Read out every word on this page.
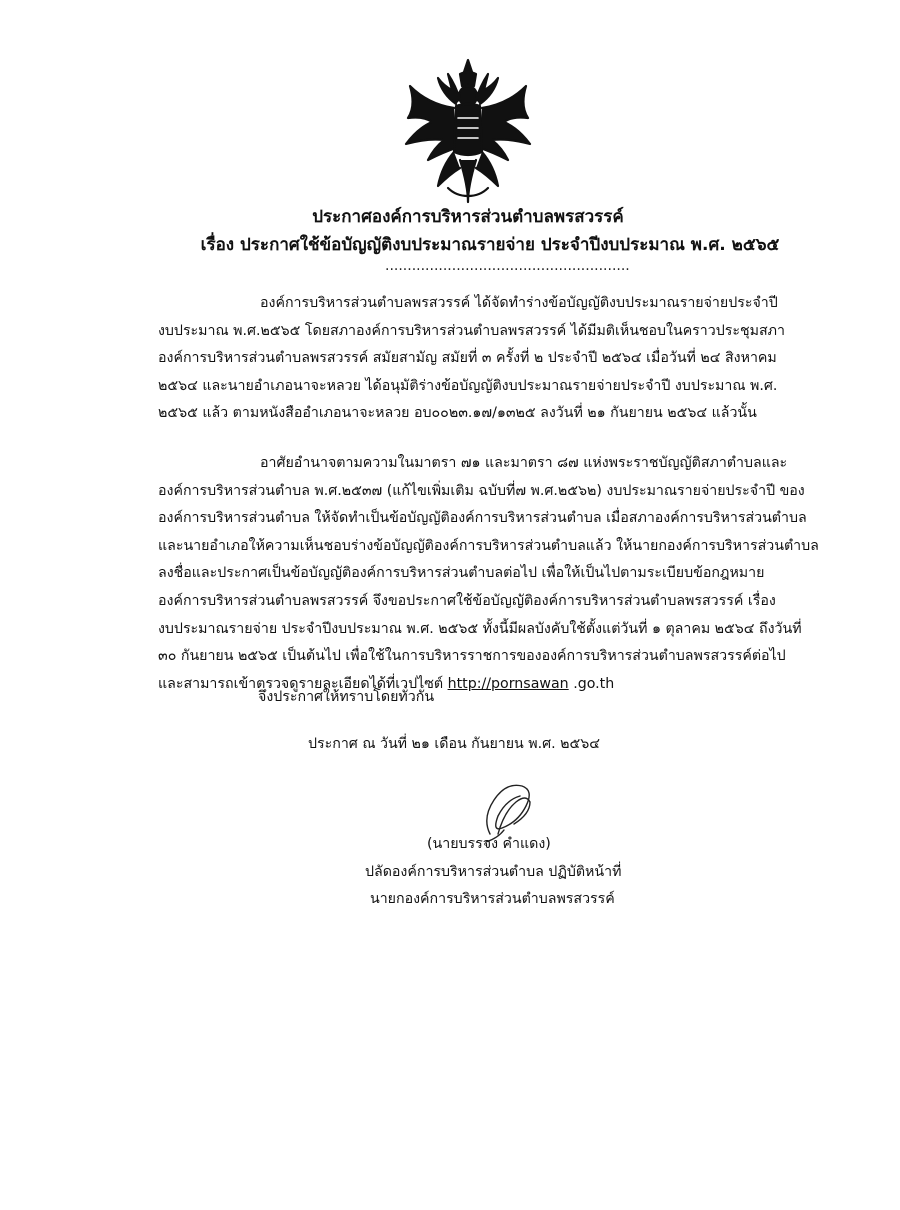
ประกาศองค์การบริหารส่วนตำบลพรสวรรค์
เรื่อง ประกาศใช้ข้อบัญญัติงบประมาณรายจ่าย ประจำปีงบประมาณ พ.ศ. ๒๕๖๕
.......................................................
องค์การบริหารส่วนตำบลพรสวรรค์ ได้จัดทำร่างข้อบัญญัติงบประมาณรายจ่ายประจำปี
งบประมาณ พ.ศ.๒๕๖๕ โดยสภาองค์การบริหารส่วนตำบลพรสวรรค์ ได้มีมติเห็นชอบในคราวประชุมสภา
องค์การบริหารส่วนตำบลพรสวรรค์ สมัยสามัญ สมัยที่ ๓ ครั้งที่ ๒ ประจำปี ๒๕๖๔ เมื่อวันที่ ๒๔ สิงหาคม
๒๕๖๔ และนายอำเภอนาจะหลวย ได้อนุมัติร่างข้อบัญญัติงบประมาณรายจ่ายประจำปี งบประมาณ พ.ศ.
๒๕๖๕ แล้ว ตามหนังสืออำเภอนาจะหลวย อบ๐๐๒๓.๑๗/๑๓๒๕ ลงวันที่ ๒๑ กันยายน ๒๕๖๔ แล้วนั้น
อาศัยอำนาจตามความในมาตรา ๗๑ และมาตรา ๘๗ แห่งพระราชบัญญัติสภาตำบลและ
องค์การบริหารส่วนตำบล พ.ศ.๒๕๓๗ (แก้ไขเพิ่มเติม ฉบับที่๗ พ.ศ.๒๕๖๒) งบประมาณรายจ่ายประจำปี ของ
องค์การบริหารส่วนตำบล ให้จัดทำเป็นข้อบัญญัติองค์การบริหารส่วนตำบล เมื่อสภาองค์การบริหารส่วนตำบล
และนายอำเภอให้ความเห็นชอบร่างข้อบัญญัติองค์การบริหารส่วนตำบลแล้ว ให้นายกองค์การบริหารส่วนตำบล
ลงชื่อและประกาศเป็นข้อบัญญัติองค์การบริหารส่วนตำบลต่อไป เพื่อให้เป็นไปตามระเบียบข้อกฎหมาย
องค์การบริหารส่วนตำบลพรสวรรค์ จึงขอประกาศใช้ข้อบัญญัติองค์การบริหารส่วนตำบลพรสวรรค์ เรื่อง
งบประมาณรายจ่าย ประจำปีงบประมาณ พ.ศ. ๒๕๖๕ ทั้งนี้มีผลบังคับใช้ตั้งแต่วันที่ ๑ ตุลาคม ๒๕๖๔ ถึงวันที่
๓๐ กันยายน ๒๕๖๕ เป็นต้นไป เพื่อใช้ในการบริหารราชการขององค์การบริหารส่วนตำบลพรสวรรค์ต่อไป
และสามารถเข้าตรวจดูรายละเอียดได้ที่เวปไซต์ http://pornsawan .go.th
จึงประกาศให้ทราบโดยทั่วกัน
ประกาศ ณ วันที่ ๒๑ เดือน กันยายน พ.ศ. ๒๕๖๔
(นายบรรจง คำแดง)
ปลัดองค์การบริหารส่วนตำบล ปฏิบัติหน้าที่
นายกองค์การบริหารส่วนตำบลพรสวรรค์
